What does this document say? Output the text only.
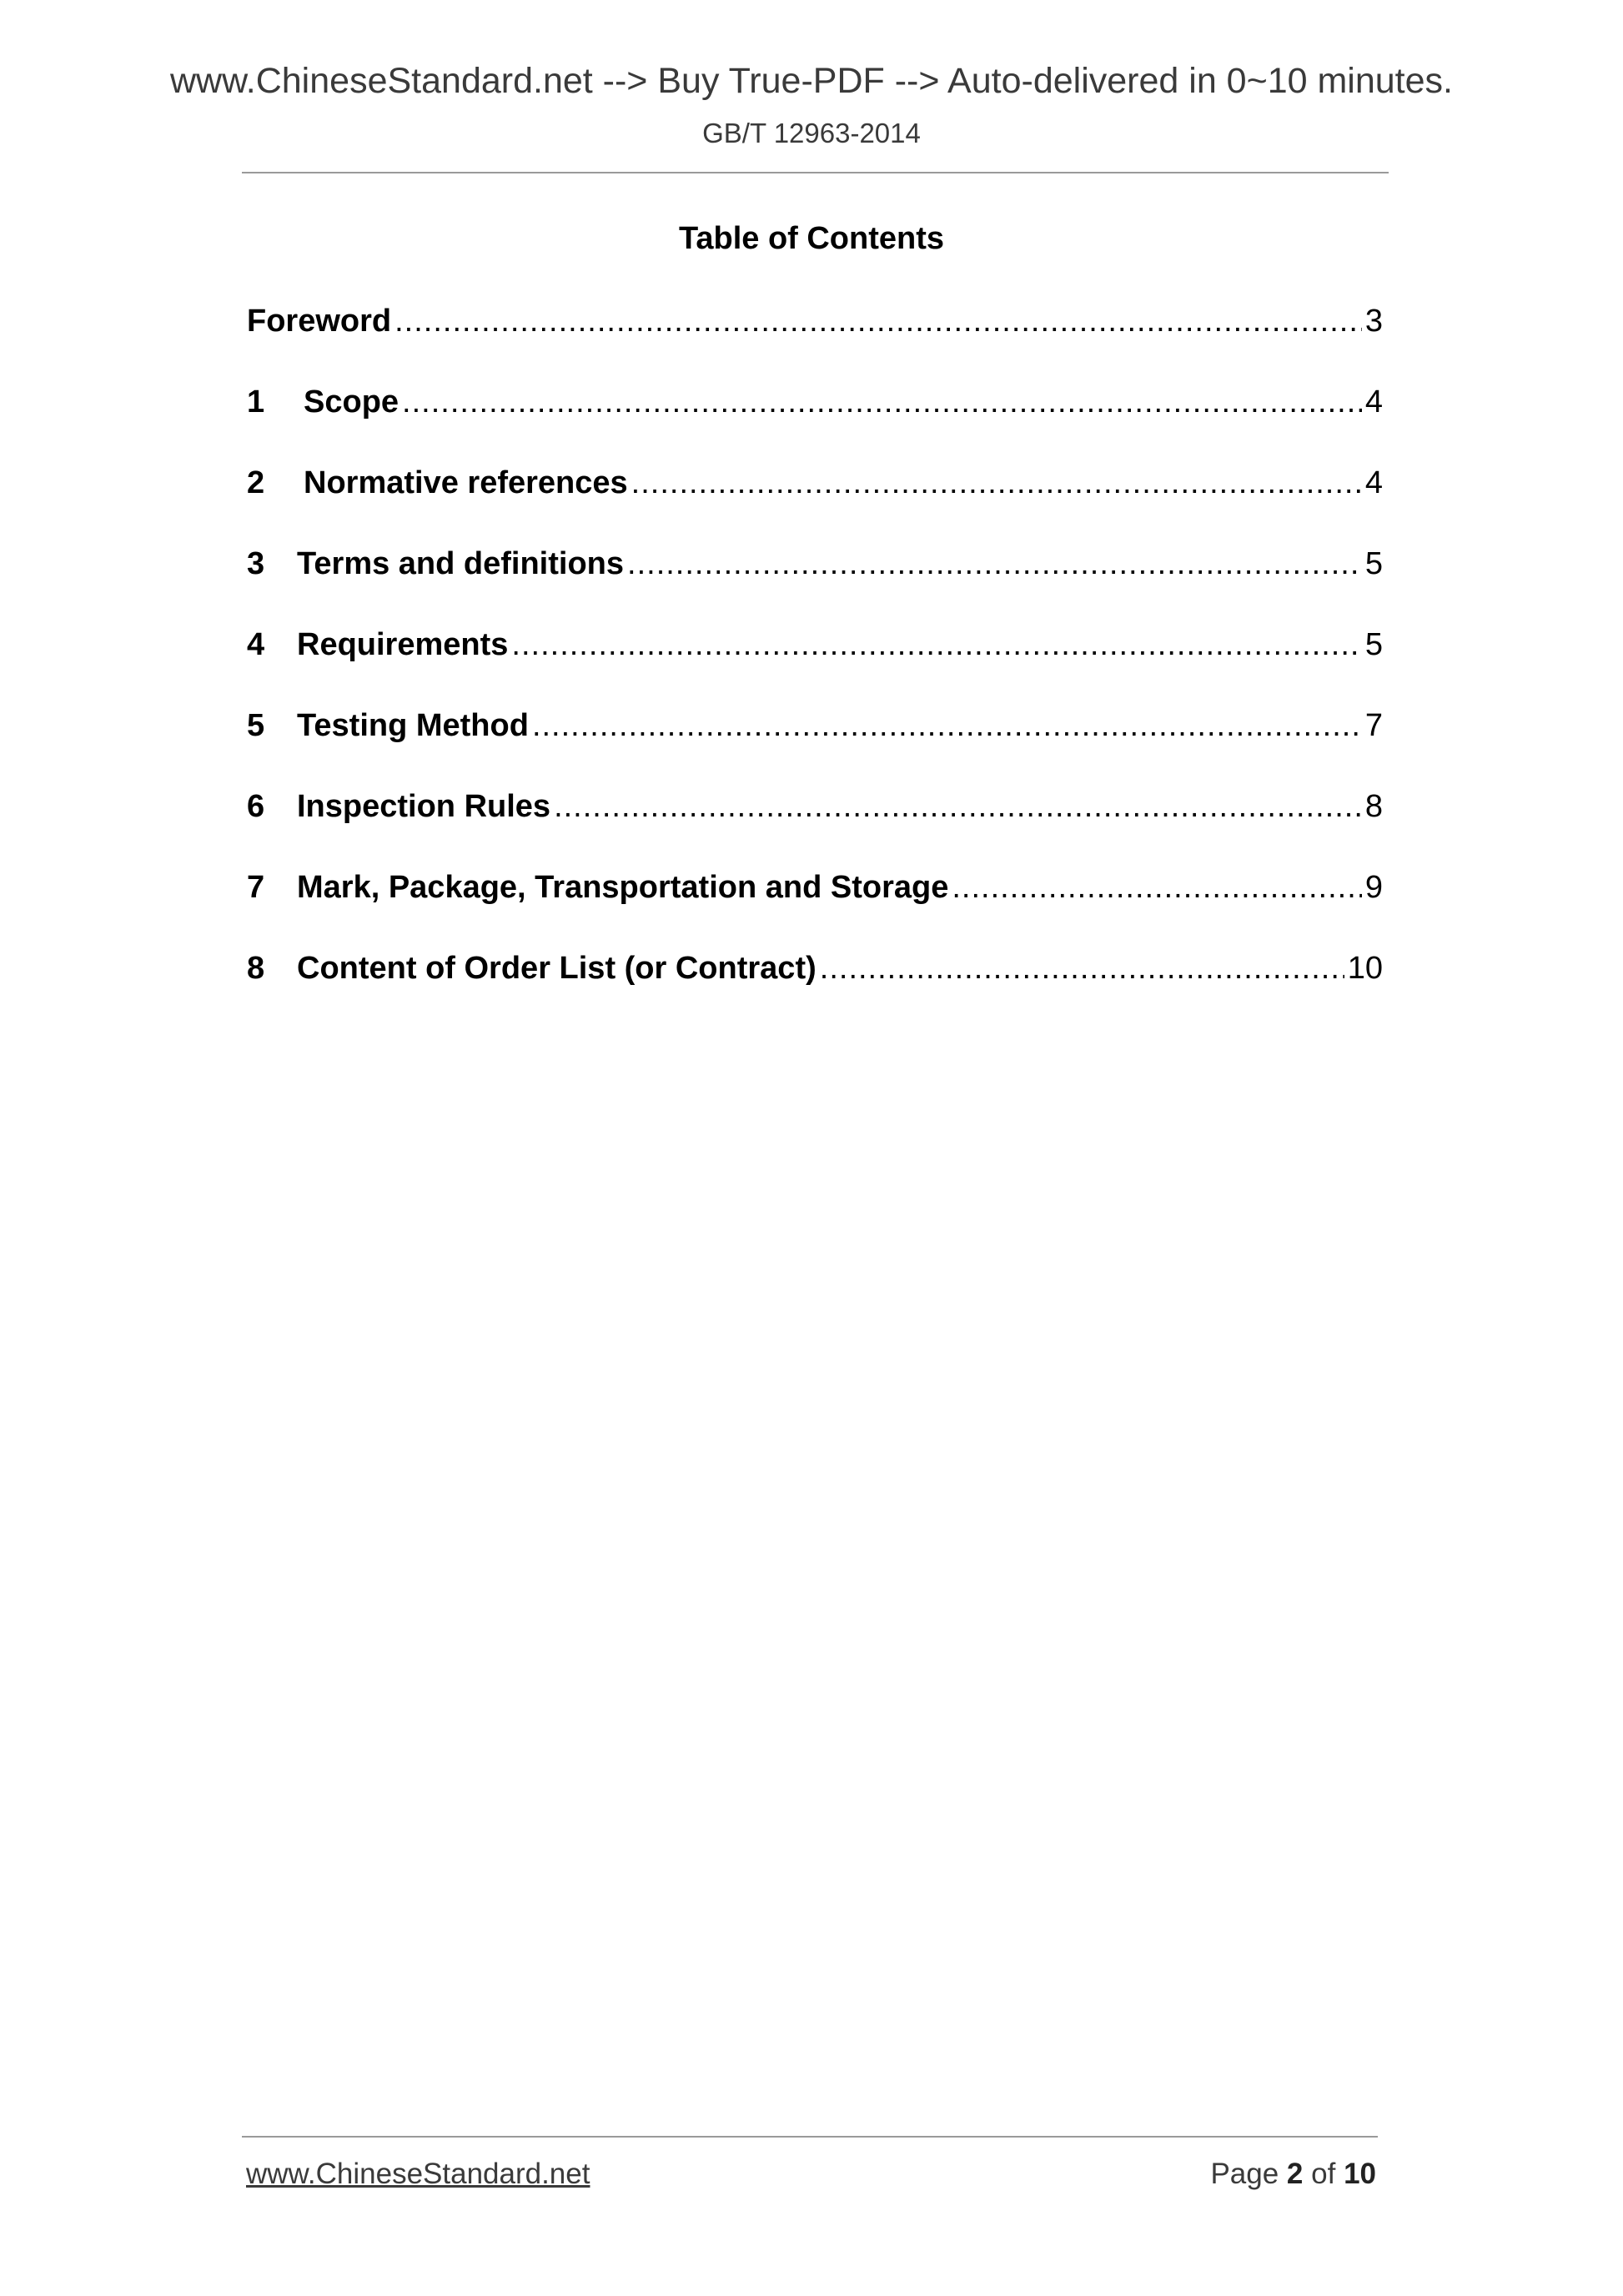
www.ChineseStandard.net --> Buy True-PDF --> Auto-delivered in 0~10 minutes.
GB/T 12963-2014
Table of Contents
Foreword .....	3
1	Scope .....	4
2	Normative references .....	4
3	Terms and definitions .....	5
4	Requirements .....	5
5	Testing Method .....	7
6	Inspection Rules .....	8
7	Mark, Package, Transportation and Storage .....	9
8	Content of Order List (or Contract) .....	10
www.ChineseStandard.net	Page 2 of 10
